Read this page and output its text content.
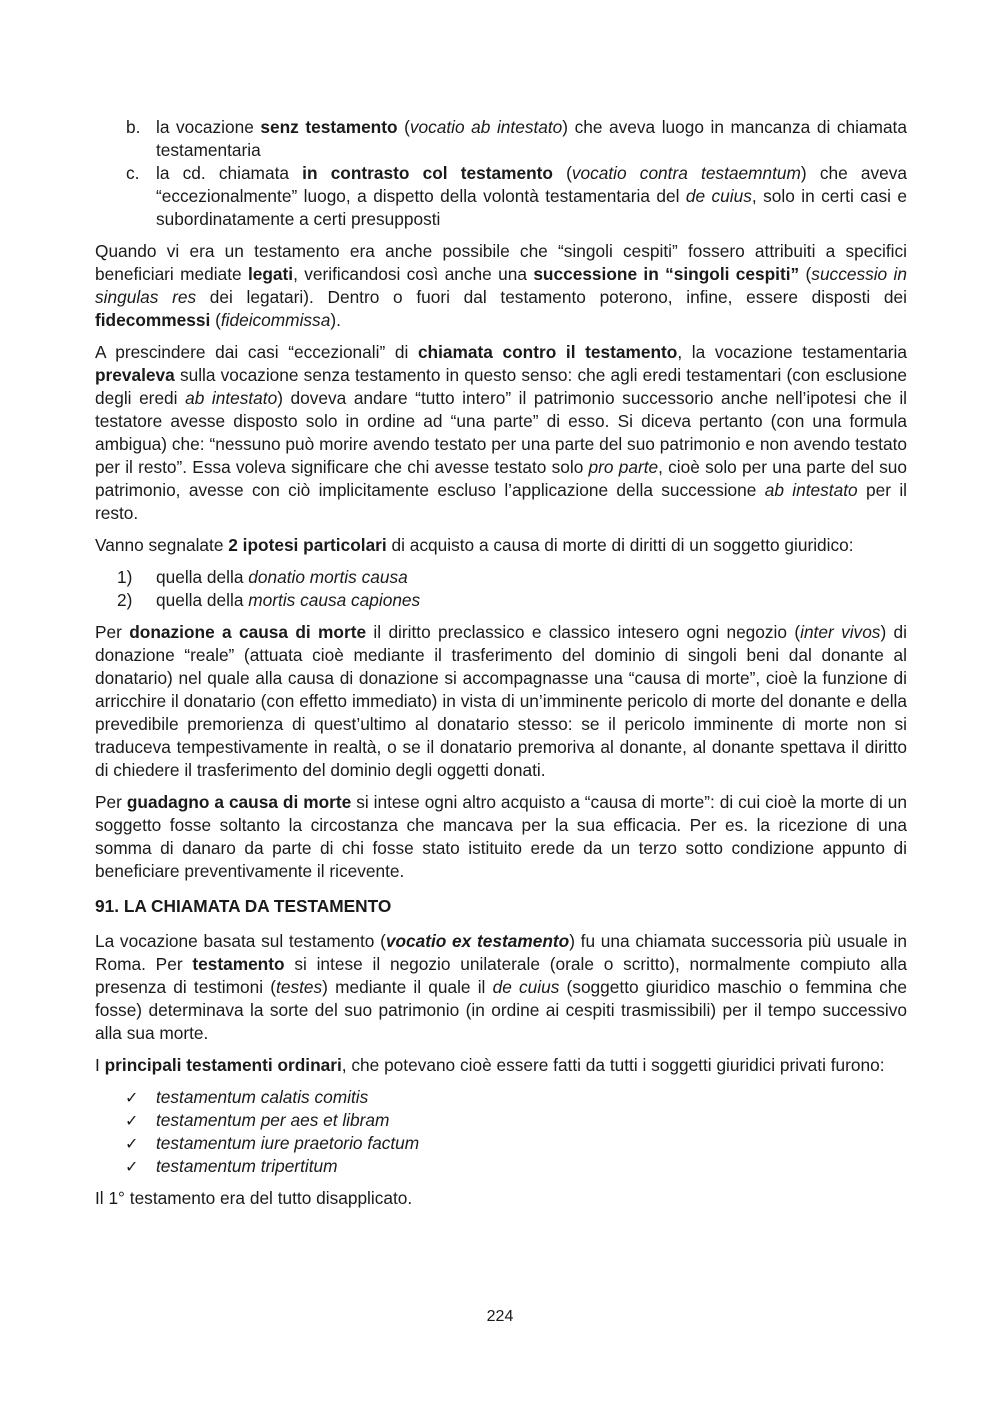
b. la vocazione senz testamento (vocatio ab intestato) che aveva luogo in mancanza di chiamata testamentaria
c. la cd. chiamata in contrasto col testamento (vocatio contra testaemntum) che aveva “eccezionalmente” luogo, a dispetto della volontà testamentaria del de cuius, solo in certi casi e subordinatamente a certi presupposti

Quando vi era un testamento era anche possibile che “singoli cespiti” fossero attribuiti a specifici beneficiari mediate legati, verificandosi così anche una successione in “singoli cespiti” (successio in singulas res dei legatari). Dentro o fuori dal testamento poterono, infine, essere disposti dei fidecommessi (fideicommissa).

A prescindere dai casi “eccezionali” di chiamata contro il testamento, la vocazione testamentaria prevaleva sulla vocazione senza testamento in questo senso: che agli eredi testamentari (con esclusione degli eredi ab intestato) doveva andare “tutto intero” il patrimonio successorio anche nell’ipotesi che il testatore avesse disposto solo in ordine ad “una parte” di esso. Si diceva pertanto (con una formula ambigua) che: “nessuno può morire avendo testato per una parte del suo patrimonio e non avendo testato per il resto”. Essa voleva significare che chi avesse testato solo pro parte, cioè solo per una parte del suo patrimonio, avesse con ciò implicitamente escluso l’applicazione della successione ab intestato per il resto.

Vanno segnalate 2 ipotesi particolari di acquisto a causa di morte di diritti di un soggetto giuridico:

1) quella della donatio mortis causa
2) quella della mortis causa capiones

Per donazione a causa di morte il diritto preclassico e classico intesero ogni negozio (inter vivos) di donazione “reale” (attuata cioè mediante il trasferimento del dominio di singoli beni dal donante al donatario) nel quale alla causa di donazione si accompagnasse una “causa di morte”, cioè la funzione di arricchire il donatario (con effetto immediato) in vista di un’imminente pericolo di morte del donante e della prevedibile premorienza di quest’ultimo al donatario stesso: se il pericolo imminente di morte non si traduceva tempestivamente in realtà, o se il donatario premoriva al donante, al donante spettava il diritto di chiedere il trasferimento del dominio degli oggetti donati.

Per guadagno a causa di morte si intese ogni altro acquisto a “causa di morte”: di cui cioè la morte di un soggetto fosse soltanto la circostanza che mancava per la sua efficacia. Per es. la ricezione di una somma di danaro da parte di chi fosse stato istituito erede da un terzo sotto condizione appunto di beneficiare preventivamente il ricevente.

91. LA CHIAMATA DA TESTAMENTO

La vocazione basata sul testamento (vocatio ex testamento) fu una chiamata successoria più usuale in Roma. Per testamento si intese il negozio unilaterale (orale o scritto), normalmente compiuto alla presenza di testimoni (testes) mediante il quale il de cuius (soggetto giuridico maschio o femmina che fosse) determinava la sorte del suo patrimonio (in ordine ai cespiti trasmissibili) per il tempo successivo alla sua morte.

I principali testamenti ordinari, che potevano cioè essere fatti da tutti i soggetti giuridici privati furono:

✓ testamentum calatis comitis
✓ testamentum per aes et libram
✓ testamentum iure praetorio factum
✓ testamentum tripertitum

Il 1° testamento era del tutto disapplicato.

224
